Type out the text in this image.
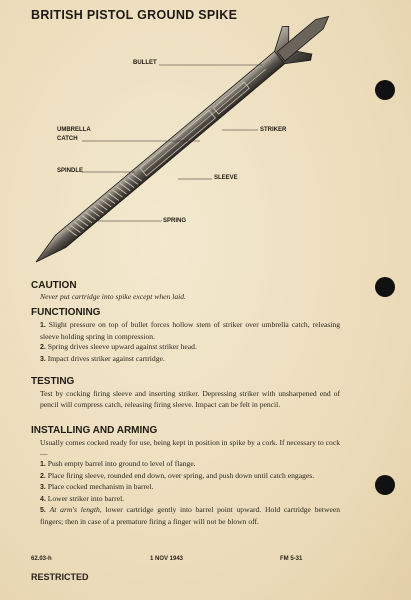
BRITISH PISTOL GROUND SPIKE
BULLET
UMBRELLA
CATCH
STRIKER
SPINDLE
SLEEVE
SPRING
CAUTION

Never put cartridge into spike except when laid.

FUNCTIONING

1. Slight pressure on top of bullet forces hollow stem of striker over umbrella catch, releasing sleeve holding spring in compression.

2. Spring drives sleeve upward against striker head.

3. Impact drives striker against cartridge.

TESTING

Test by cocking firing sleeve and inserting striker. Depressing striker with unsharpened end of pencil will compress catch, releasing firing sleeve. Impact can be felt in pencil.

INSTALLING AND ARMING

Usually comes cocked ready for use, being kept in position in spike by a cork. If necessary to cock—

1. Push empty barrel into ground to level of flange.

2. Place firing sleeve, rounded end down, over spring, and push down until catch engages.

3. Place cocked mechanism in barrel.

4. Lower striker into barrel.

5. At arm's length, lower cartridge gently into barrel point upward. Hold cartridge between fingers; then in case of a premature firing a finger will not be blown off.

62.03-h	1 NOV 1943	FM 5-31
RESTRICTED
